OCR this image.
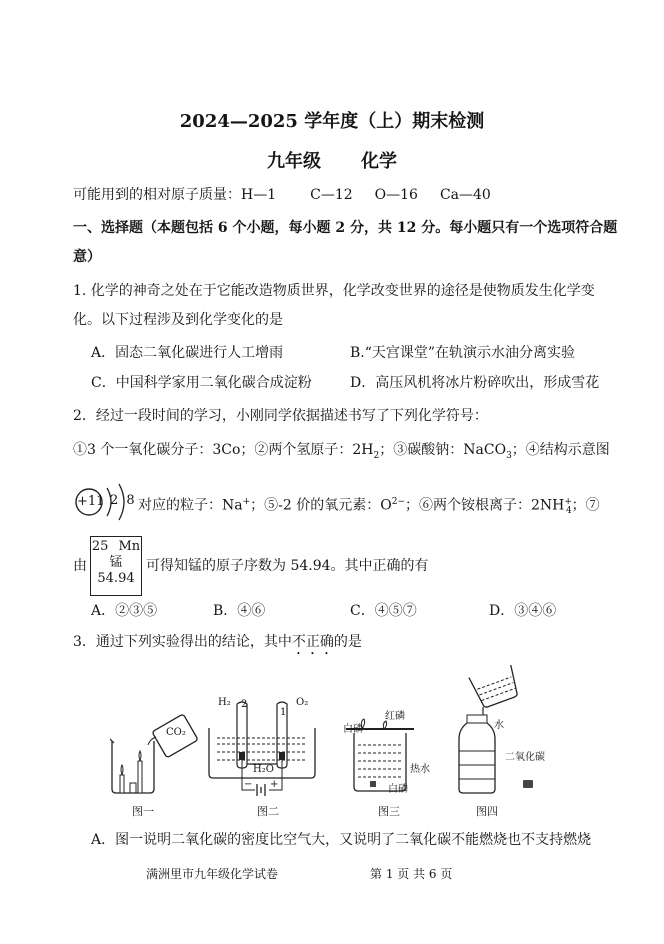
2024—2025 学年度（上）期末检测
九年级 化学
可能用到的相对原子质量：H—1 C—12 O—16 Ca—40
一、选择题（本题包括 6 个小题，每小题 2 分，共 12 分。每小题只有一个选项符合题
意）
1. 化学的神奇之处在于它能改造物质世界，化学改变世界的途径是使物质发生化学变
化。以下过程涉及到化学变化的是
A．固态二氧化碳进行人工增雨	B.“天宫课堂”在轨演示水油分离实验
C．中国科学家用二氧化碳合成淀粉	D．高压风机将冰片粉碎吹出，形成雪花
2．经过一段时间的学习，小刚同学依据描述书写了下列化学符号：
①3 个一氧化碳分子：3Co；②两个氢原子：$2H_2$；③碳酸钠：NaCO$_3$；④结构示意图
+11 2 8 对应的粒子：Na+；⑤-2 价的氧元素：$O^{2-}$；⑥两个铵根离子：$2NH^+_4$；⑦
由
25 Mn
锰
54.94
可得知锰的原子序数为 54.94。其中正确的有
A．②③⑤	B．④⑥	C．④⑤⑦	D．③④⑥
3．通过下列实验得出的结论，其中不正确的是
CO₂
图一
H₂ 2
1
O₂
H₂O
− +
图二
白磷
红磷
热水
白磷
图三
水
二氧化碳
图四
A．图一说明二氧化碳的密度比空气大，又说明了二氧化碳不能燃烧也不支持燃烧
满洲里市九年级化学试卷	第 1 页 共 6 页
